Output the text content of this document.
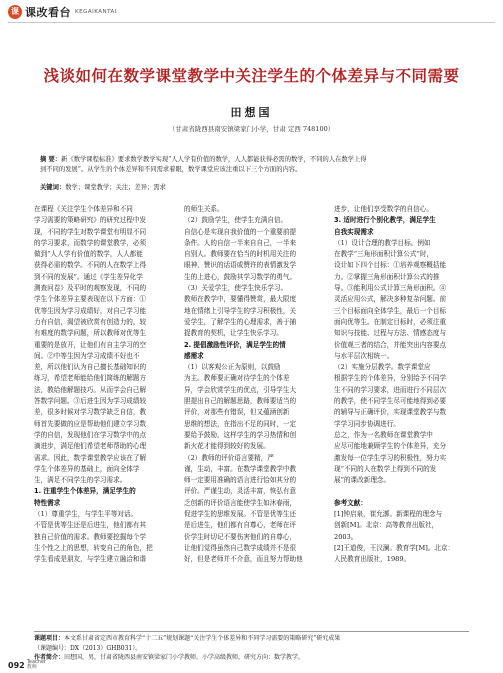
课 课改看台 KEGAIKANTAI
浅谈如何在数学课堂教学中关注学生的个体差异与不同需要
田想国
（甘肃省陇西县南安镇梁家门小学，甘肃 定西 748100）
摘 要：新《数学课程标准》要求数学教学实现“人人学有价值的数学，人人都能获得必需的数学，不同的人在数学上得
到不同的发展”。从学生的个体差异和不同需求着眼，数学课堂应该注重以下三个方面的内容。
关键词：数学；课堂教学；关注；差异；需求
在课程《关注学生个体差异和不同
学习需要的策略研究》的研究过程中发
现，不同的学生对数学课堂有明显不同
的学习要求，而数学的课堂教学，必须
做到“人人学有价值的数学，人人都能
获得必需的数学。不同的人在数学上得
到不同的发展”。通过《学生差异化学
测查问卷》及平时的观察发现，不同的
学生个体差异主要表现在以下方面：①
优等生因为学习成绩好，对自己学习能
力有自信，渴望被欣赏有创造力的，较
有难度的数学问题，所以教师对优等生
重要的是放开，让他们有自主学习的空
间。②中等生因为学习成绩不好也不
差，所以他们认为自己擅长基础知识的
练习，希望老师能给他们简练的解题方
法，教给他解题技巧。从而学会自己解
答数学问题。③后进生因为学习成绩较
差，很多时候对学习数学缺乏自信，教
师首先要做的应是帮助他们建立学习数
学的自信，发现他们在学习数学中的点
滴进步，满足他们希望老师帮助的心理
需求。因此，数学课堂教学应该在了解
学生个体差异的基础上，面向全体学
生，满足不同学生的学习需求。
1. 注重学生个体差异，满足学生的
特性需求
（1）尊重学生，与学生平等对话。
不管是优等生还是后进生，他们都有其
独自己价值的需求。教师要挖掘每个学
生个性之上的思想，转变自己的角色，把
学生看成是朋友，与学生建立融洽和谐
的师生关系。
（2）鼓励学生，使学生充满自信。
自信心是实现自我价值的一个重要前提
条件。人的自信一半来自自己，一半来
自别人。教师要在恰当的时机用关注的
眼神，赞识的话语或赞许的表情激发学
生的上进心，鼓励其学习数学的勇气。
（3）关爱学生，使学生快乐学习。
教师在教学中，要懂得赞赏，最大限度
地在情绪上引导学生的学习积极性，关
爱学生，了解学生的心理需求，善于捕
捉教育的契机，让学生快乐学习。
2. 提倡激励性评价，满足学生的情
感需求
（1）以客观公正为原则，以鼓励
为主。教师要正确对待学生的个体差
异，学会欣赏学生的优点，引导学生大
胆提出自己的解题思路，教师要适当的
评价，对那些有错误，但又蕴涵创新
思维的想法，在指出不足的同时，一定
要给予鼓励，这样学生的学习热情和创
新火花才能得到较好的发展。
（2）教师的评价语言要精，严
谨，生动，丰富。在数学课堂教学中教
师一定要用准确的语言进行恰如其分的
评价。严谨生动，灵活丰富，恢弘有意
乏创新的评价语言能使学生如沐春雨，
促进学生的思维发展。不管是优等生还
是后进生，他们都有自尊心，老师在评
价学生时切记不要伤害他们的自尊心，
让他们觉得虽然自己数学成绩并不是很
好，但是老师并不介意，而且努力帮助他
进步，让他们享受数学的自信心。
3. 适时进行个别化教学，满足学生
自我实现需求
（1）设计合理的教学目标。例如
在教学“三角形面积计算公式”时，
设计如下四个目标：①培养观察概括能
力。②掌握三角形面积计算公式的推
导。③能利用公式计算三角形面积。④
灵活应用公式，解决多种复杂问题。前
三个目标面向全体学生，最后一个目标
面向优等生。在制定目标时，必须注重
知识与技能、过程与方法、情感态度与
价值观三者的结合，并能突出内容要点
与水平层次相统一。
（2）实施分层教学。数学课堂应
根据学生的个体差异，分别给予不同学
生不同的学习要求，进而进行不同层次
的教学，使不同学生尽可能地得到必要
的辅导与正确评价，实现课堂教学与数
学学习同步协调进行。
总之，作为一名教师在课堂教学中
应尽可能地兼顾学生的个体差异，充分
激发每一位学生学习的积极性，努力实
现“不同的人在数学上得到不同的发
展”的课改新理念。
参考文献：
[1]钟启泉，崔允漷。新课程的理念与
创新[M]。北京：高等教育出版社，
2003。
[2]王道俊，王汉澜。教育学[M]。北京：
人民教育出版社，1989。
课题项目：本文系甘肃省定西市教育科学“十二五”规划课题“关注学生个体差异和不同学习需要的策略研究”研究成果
（课题编号：DX（2013）GHB031）。
作者简介：田想国，男，甘肃省陇西县南安镇梁家门小学教师，小学高级教师，研究方向：数学教学。
092 Teacher
教师
